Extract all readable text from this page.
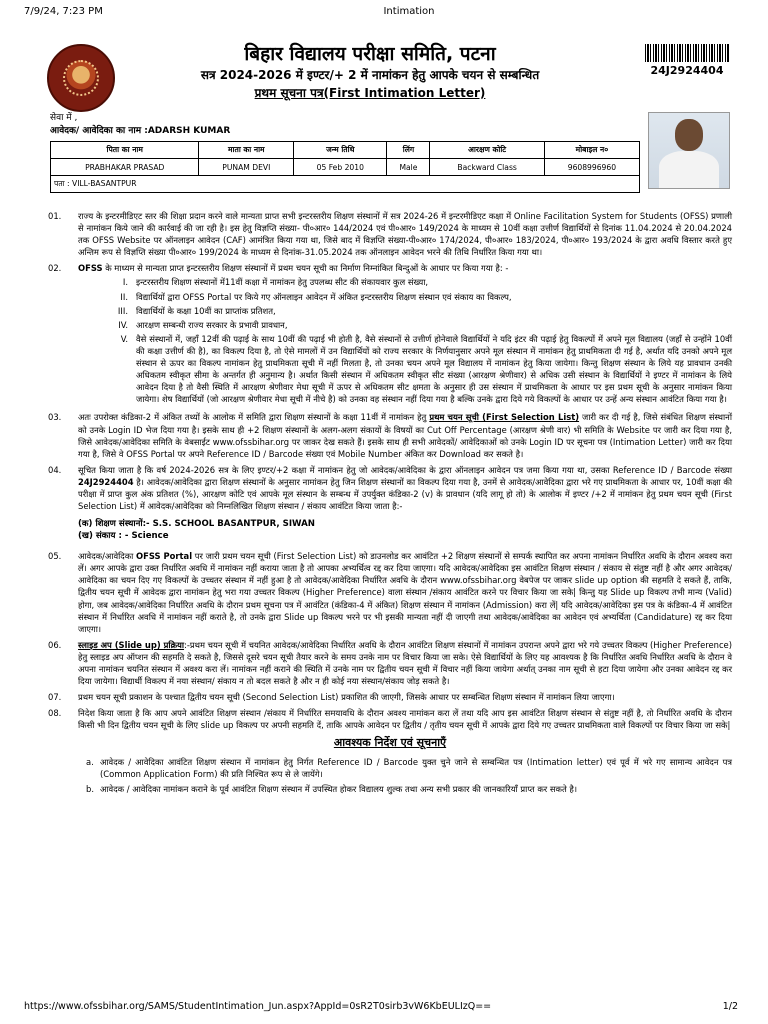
7/9/24, 7:23 PM	Intimation
बिहार विद्यालय परीक्षा समिति, पटना
सत्र 2024-2026 में इण्टर/+ 2 में नामांकन हेतु आपके चयन से सम्बन्धित
प्रथम सूचना पत्र(First Intimation Letter)
24J2924404
सेवा में ,
आवेदक/ आवेदिका का नाम :ADARSH KUMAR
पिता का नाम	माता का नाम	जन्म तिथि	लिंग	आरक्षण कोटि	मोबाइल न०
PRABHAKAR PRASAD	PUNAM DEVI	05 Feb 2010	Male	Backward Class	9608996960
पता : VILL-BASANTPUR					
01.	राज्य के इन्टरमीडिएट स्तर की शिक्षा प्रदान करने वाले मान्यता प्राप्त सभी इन्टरस्तरीय शिक्षण संस्थानों में सत्र 2024-26 में इन्टरमीडिएट कक्षा में Online Facilitation System for Students (OFSS) प्रणाली से नामांकन किये जाने की कार्रवाई की जा रही है। इस हेतु विज्ञप्ति संख्या- पी०आर० 144/2024 एवं पी०आर० 149/2024 के माध्यम से 10वीं कक्षा उत्तीर्ण विद्यार्थियों से दिनांक 11.04.2024 से 20.04.2024 तक OFSS Website पर ऑनलाइन आवेदन (CAF) आमंत्रित किया गया था, जिसे बाद में विज्ञप्ति संख्या-पी०आर० 174/2024, पी०आर० 183/2024, पी०आर० 193/2024 के द्वारा अवधि विस्तार करते हुए अन्तिम रूप से विज्ञप्ति संख्या पी०आर० 199/2024 के माध्यम से दिनांक-31.05.2024 तक ऑनलाइन आवेदन भरने की तिथि निर्धारित किया गया था।
02.	OFSS के माध्यम से मान्यता प्राप्त इन्टरस्तरीय शिक्षण संस्थानों में प्रथम चयन सूची का निर्माण निम्नांकित बिन्दुओं के आधार पर किया गया है: -
I. इन्टरस्तरीय शिक्षण संस्थानों में11वीं कक्षा में नामांकन हेतु उपलब्ध सीट की संकायवार कुल संख्या,
II. विद्यार्थियों द्वारा OFSS Portal पर किये गए ऑनलाइन आवेदन में अंकित इन्टरस्तरीय शिक्षण संस्थान एवं संकाय का विकल्प,
III. विद्यार्थियों के कक्षा 10वीं का प्राप्तांक प्रतिशत,
IV. आरक्षण सम्बन्धी राज्य सरकार के प्रभावी प्रावधान,
V. वैसे संस्थानों में, जहाँ 12वीं की पढ़ाई के साथ 10वीं की पढ़ाई भी होती है, वैसे संस्थानों से उत्तीर्ण होनेवाले विद्यार्थियों ने यदि इंटर की पढ़ाई हेतु विकल्पों में अपने मूल विद्यालय (जहाँ से उन्होंने 10वीं की कक्षा उत्तीर्ण की है), का विकल्प दिया है, तो ऐसे मामलों में उन विद्यार्थियों को राज्य सरकार के निर्णयानुसार अपने मूल संस्थान में नामांकन हेतु प्राथमिकता दी गई है, अर्थात यदि उनको अपने मूल संस्थान से ऊपर का विकल्प नामांकन हेतु प्राथमिकता सूची में नहीं मिलता है, तो उनका चयन अपने मूल विद्यालय में नामांकन हेतु किया जायेगा। किन्तु शिक्षण संस्थान के लिये यह प्रावधान उनकी अधिकतम स्वीकृत सीमा के अन्तर्गत ही अनुमान्य है। अर्थात किसी संस्थान में अधिकतम स्वीकृत सीट संख्या (आरक्षण श्रेणीवार) से अधिक उसी संस्थान के विद्यार्थियों ने इण्टर में नामांकन के लिये आवेदन दिया है तो वैसी स्थिति में आरक्षण श्रेणीवार मेधा सूची में ऊपर से अधिकतम सीट क्षमता के अनुसार ही उस संस्थान में प्राथमिकता के आधार पर इस प्रथम सूची के अनुसार नामांकन किया जायेगा। शेष विद्यार्थियों (जो आरक्षण श्रेणीवार मेधा सूची में नीचे है) को उनका वह संस्थान नहीं दिया गया है बल्कि उनके द्वारा दिये गये विकल्पों के आधार पर उन्हें अन्य संस्थान आवंटित किया गया है।
03.	अतः उपरोक्त कंडिका-2 में अंकित तथ्यों के आलोक में समिति द्वारा शिक्षण संस्थानों के कक्षा 11वीं में नामांकन हेतु प्रथम चयन सूची (First Selection List) जारी कर दी गई है, जिसे संबंधित शिक्षण संस्थानों को उनके Login ID भेज दिया गया है। इसके साथ ही +2 शिक्षण संस्थानों के अलग-अलग संकायों के विषयों का Cut Off Percentage (आरक्षण श्रेणी वार) भी समिति के Website पर जारी कर दिया गया है, जिसे आवेदक/आवेदिका समिति के वेबसाईट www.ofssbihar.org पर जाकर देख सकते हैं। इसके साथ ही सभी आवेदकों/ आवेदिकाओं को उनके Login ID पर सूचना पत्र (Intimation Letter) जारी कर दिया गया है, जिसे वे OFSS Portal पर अपने Reference ID / Barcode संख्या एवं Mobile Number अंकित कर Download कर सकते है।
04.	सूचित किया जाता है कि वर्ष 2024-2026 सत्र के लिए इण्टर/+2 कक्षा में नामांकन हेतु जो आवेदक/आवेदिका के द्वारा ऑनलाइन आवेदन पत्र जमा किया गया था, उसका Reference ID / Barcode संख्या 24J2924404 है। आवेदक/आवेदिका द्वारा शिक्षण संस्थानों के अनुसार नामांकन हेतु जिन शिक्षण संस्थानों का विकल्प दिया गया है, उनमें से आवेदक/आवेदिका द्वारा भरे गए प्राथमिकता के आधार पर, 10वीं कक्षा की परीक्षा में प्राप्त कुल अंक प्रतिशत (%), आरक्षण कोटि एवं आपके मूल संस्थान के सम्बन्ध में उपर्युक्त कंडिका-2 (v) के प्रावधान (यदि लागू हो तो) के आलोक में इण्टर /+2 में नामांकन हेतु प्रथम चयन सूची (First Selection List) में आवेदक/आवेदिका को निम्नलिखित शिक्षण संस्थान / संकाय आवंटित किया जाता है:-
(क) शिक्षण संस्थानों:- S.S. SCHOOL BASANTPUR, SIWAN
(ख) संकाय : - Science
05.	आवेदक/आवेदिका OFSS Portal पर जारी प्रथम चयन सूची (First Selection List) को डाउनलोड कर आवंटित +2 शिक्षण संस्थानों से सम्पर्क स्थापित कर अपना नामांकन निर्धारित अवधि के दौरान अवश्य करा लें। अगर आपके द्वारा उक्त निर्धारित अवधि में नामांकन नहीं कराया जाता है तो आपका अभ्यर्थित्व रद्द कर दिया जाएगा। यदि आवेदक/आवेदिका इस आवंटित शिक्षण संस्थान / संकाय से संतुष्ट नहीं है और अगर आवेदक/आवेदिका का चयन दिए गए विकल्पों के उच्चतर संस्थान में नहीं हुआ है तो आवेदक/आवेदिका निर्धारित अवधि के दौरान www.ofssbihar.org वेबपेज पर जाकर slide up option की सहमति दे सकते हैं, ताकि, द्वितीय चयन सूची में आवेदक द्वारा नामांकन हेतु भरा गया उच्चतर विकल्प (Higher Preference) वाला संस्थान /संकाय आवंटित करने पर विचार किया जा सके| किन्तु यह Slide up विकल्प तभी मान्य (Valid) होगा, जब आवेदक/आवेदिका निर्धारित अवधि के दौरान प्रथम सूचना पत्र में आवंटित (कंडिका-4 में अंकित) शिक्षण संस्थान में नामांकन (Admission) करा लें| यदि आवेदक/आवेदिका इस पत्र के कंडिका-4 में आवंटित संस्थान में निर्धारित अवधि में नामांकन नहीं कराते है, तो उनके द्वारा Slide up विकल्प भरने पर भी इसकी मान्यता नहीं दी जाएगी तथा आवेदक/आवेदिका का आवेदन एवं अभ्यर्थिता (Candidature) रद्द कर दिया जाएगा।
06.	स्लाइड अप (Slide up) प्रक्रिया:-प्रथम चयन सूची में चयनित आवेदक/आवेदिका निर्धारित अवधि के दौरान आवंटित शिक्षण संस्थानों में नामांकन उपरान्त अपने द्वारा भरे गये उच्चतर विकल्प (Higher Preference) हेतु स्लाइड अप ऑप्शन की सहमति दे सकते है, जिससे दूसरे चयन सूची तैयार करने के समय उनके नाम पर विचार किया जा सके। ऐसे विद्यार्थियों के लिए यह आवश्यक है कि निर्धारित अवधि निर्धारित अवधि के दौरान वे अपना नामांकन चयनित संस्थान में अवश्य करा लें। नामांकन नहीं कराने की स्थिति में उनके नाम पर द्वितीय चयन सूची में विचार नहीं किया जायेगा अर्थात् उनका नाम सूची से हटा दिया जायेगा और उनका आवेदन रद्द कर दिया जायेगा। विद्यार्थी विकल्प में नया संस्थान/ संकाय न तो बदल सकते है और न ही कोई नया संस्थान/संकाय जोड़ सकते है।
07.	प्रथम चयन सूची प्रकाशन के पश्चात द्वितीय चयन सूची (Second Selection List) प्रकाशित की जाएगी, जिसके आधार पर सम्बन्धित शिक्षण संस्थान में नामांकन लिया जाएगा।
08.	निदेश किया जाता है कि आप अपने आवंटित शिक्षण संस्थान /संकाय में निर्धारित समयावधि के दौरान अवश्य नामांकन करा लें तथा यदि आप इस आवंटित शिक्षण संस्थान से संतुष्ट नहीं है, तो निर्धारित अवधि के दौरान किसी भी दिन द्वितीय चयन सूची के लिए slide up विकल्प पर अपनी सहमति दें, ताकि आपके आवेदन पर द्वितीय / तृतीय चयन सूची में आपके द्वारा दिये गए उच्चतर प्राथमिकता वाले विकल्पों पर विचार किया जा सके|
आवश्यक निर्देश एवं सूचनाएँ
a. आवेदक / आवेदिका आवंटित शिक्षण संस्थान में नामांकन हेतु निर्गत Reference ID / Barcode युक्त चुने जाने से सम्बन्धित पत्र (Intimation letter) एवं पूर्व में भरे गए सामान्य आवेदन पत्र (Common Application Form) की प्रति निश्चित रूप से ले जायेंगे।
b. आवेदक / आवेदिका नामांकन कराने के पूर्व आवंटित शिक्षण संस्थान में उपस्थित होकर विद्यालय शुल्क तथा अन्य सभी प्रकार की जानकारियाँ प्राप्त कर सकते है।
https://www.ofssbihar.org/SAMS/StudentIntimation_Jun.aspx?AppId=0sR2T0sirb3vW6KbEULIzQ==	1/2
